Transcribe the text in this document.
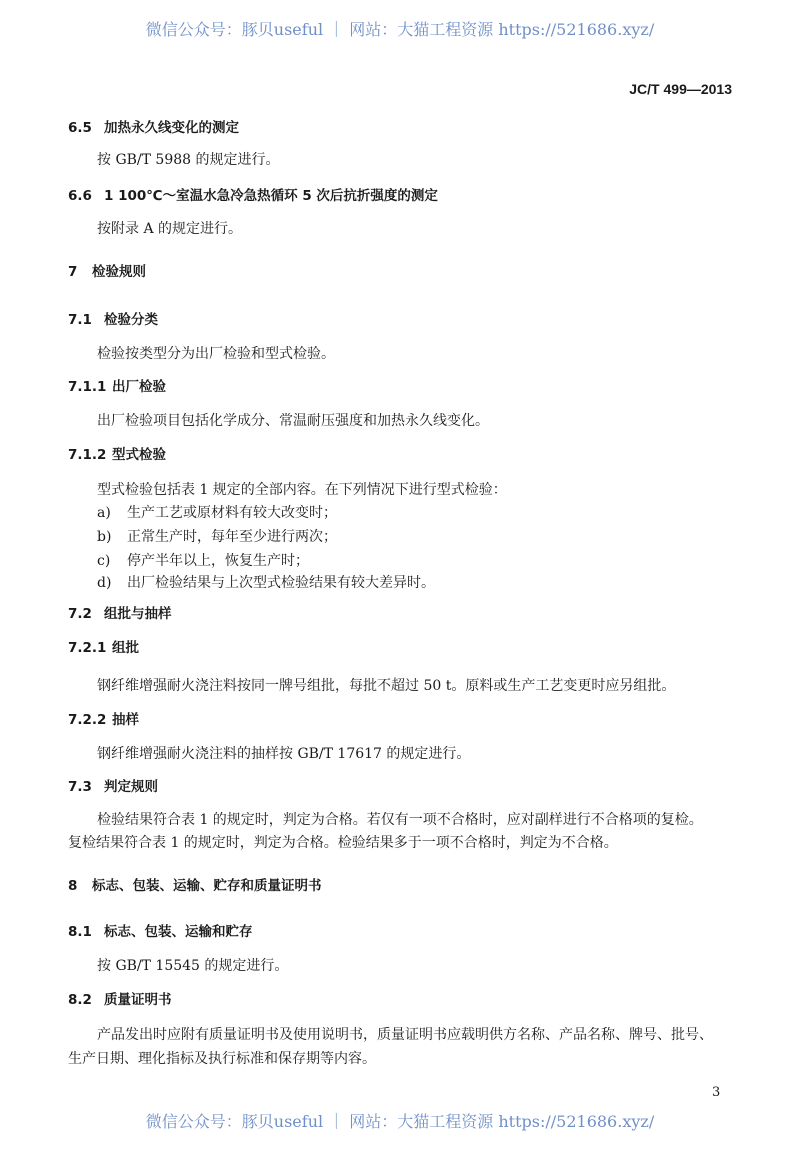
微信公众号：豚贝useful ｜ 网站：大猫工程资源 https://521686.xyz/
JC/T 499—2013
6.5 加热永久线变化的测定
按 GB/T 5988 的规定进行。
6.6 1 100℃～室温水急冷急热循环 5 次后抗折强度的测定
按附录 A 的规定进行。
7 检验规则
7.1 检验分类
检验按类型分为出厂检验和型式检验。
7.1.1 出厂检验
出厂检验项目包括化学成分、常温耐压强度和加热永久线变化。
7.1.2 型式检验
型式检验包括表 1 规定的全部内容。在下列情况下进行型式检验：
a) 生产工艺或原材料有较大改变时；
b) 正常生产时，每年至少进行两次；
c) 停产半年以上，恢复生产时；
d) 出厂检验结果与上次型式检验结果有较大差异时。
7.2 组批与抽样
7.2.1 组批
钢纤维增强耐火浇注料按同一牌号组批，每批不超过 50 t。原料或生产工艺变更时应另组批。
7.2.2 抽样
钢纤维增强耐火浇注料的抽样按 GB/T 17617 的规定进行。
7.3 判定规则
检验结果符合表 1 的规定时，判定为合格。若仅有一项不合格时，应对副样进行不合格项的复检。
复检结果符合表 1 的规定时，判定为合格。检验结果多于一项不合格时，判定为不合格。
8 标志、包装、运输、贮存和质量证明书
8.1 标志、包装、运输和贮存
按 GB/T 15545 的规定进行。
8.2 质量证明书
产品发出时应附有质量证明书及使用说明书，质量证明书应载明供方名称、产品名称、牌号、批号、
生产日期、理化指标及执行标准和保存期等内容。
3
微信公众号：豚贝useful ｜ 网站：大猫工程资源 https://521686.xyz/
